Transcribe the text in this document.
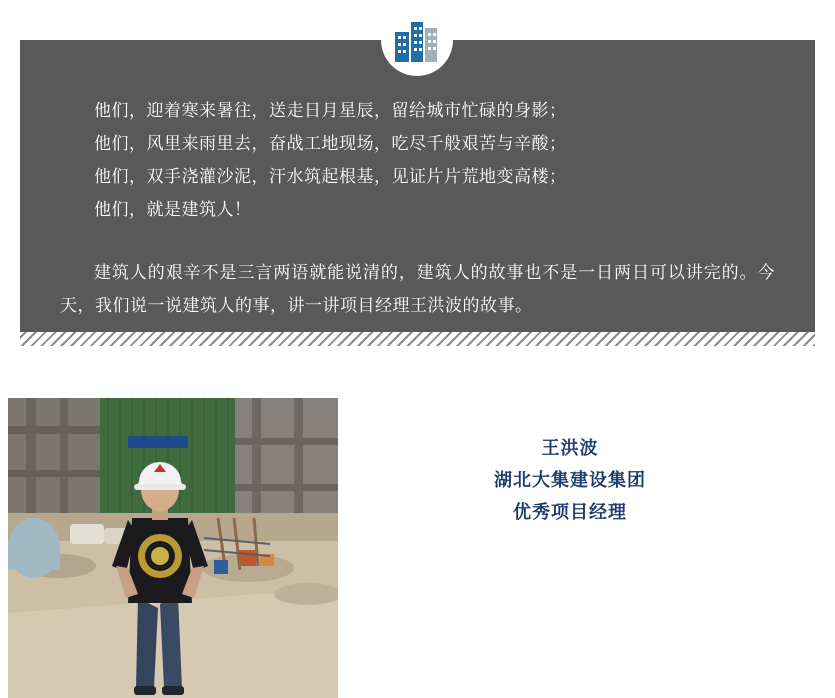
他们，迎着寒来暑往，送走日月星辰，留给城市忙碌的身影；
他们，风里来雨里去，奋战工地现场，吃尽千般艰苦与辛酸；
他们，双手浇灌沙泥，汗水筑起根基，见证片片荒地变高楼；
他们，就是建筑人！
建筑人的艰辛不是三言两语就能说清的，建筑人的故事也不是一日两日可以讲完的。今天，我们说一说建筑人的事，讲一讲项目经理王洪波的故事。
王洪波
湖北大集建设集团
优秀项目经理
